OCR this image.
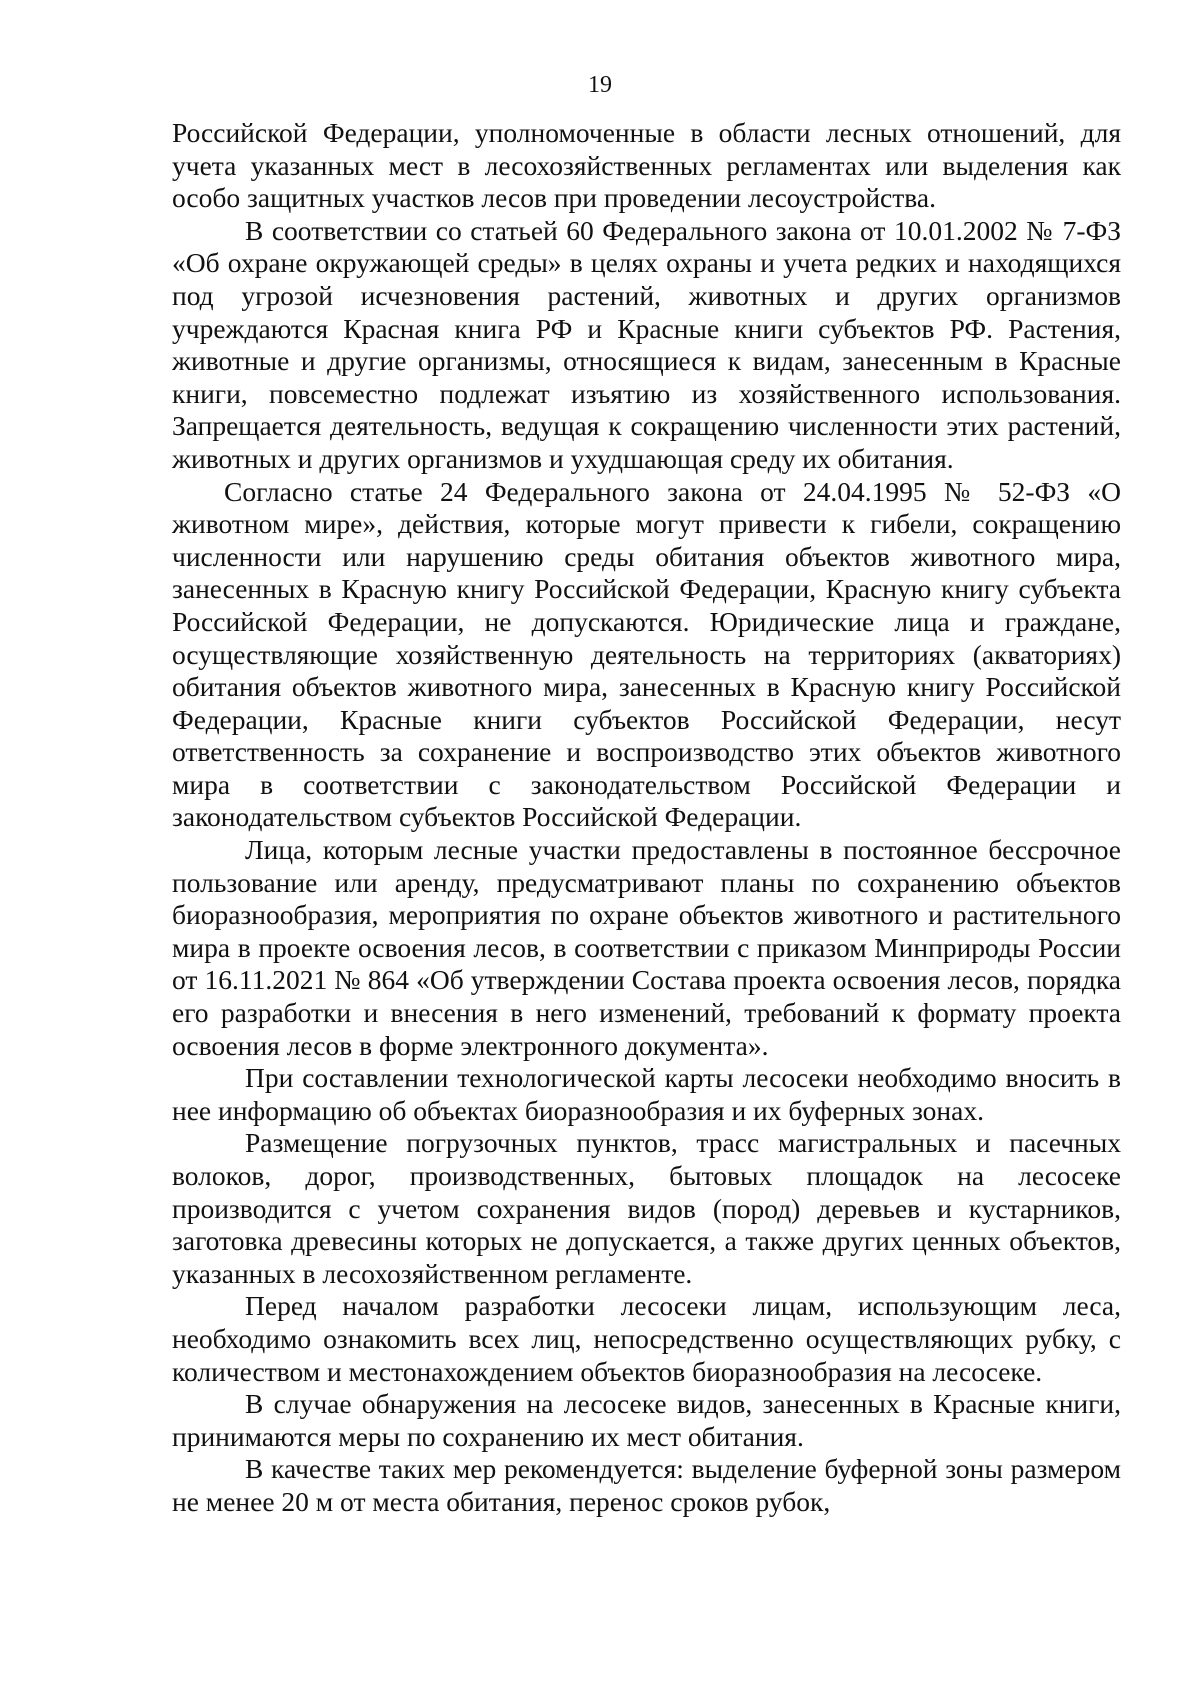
19

Российской Федерации, уполномоченные в области лесных отношений, для учета указанных мест в лесохозяйственных регламентах или выделения как особо защитных участков лесов при проведении лесоустройства.

В соответствии со статьей 60 Федерального закона от 10.01.2002 № 7-ФЗ «Об охране окружающей среды» в целях охраны и учета редких и находящихся под угрозой исчезновения растений, животных и других организмов учреждаются Красная книга РФ и Красные книги субъектов РФ. Растения, животные и другие организмы, относящиеся к видам, занесенным в Красные книги, повсеместно подлежат изъятию из хозяйственного использования. Запрещается деятельность, ведущая к сокращению численности этих растений, животных и других организмов и ухудшающая среду их обитания.

Согласно статье 24 Федерального закона от 24.04.1995 № 52-ФЗ «О животном мире», действия, которые могут привести к гибели, сокращению численности или нарушению среды обитания объектов животного мира, занесенных в Красную книгу Российской Федерации, Красную книгу субъекта Российской Федерации, не допускаются. Юридические лица и граждане, осуществляющие хозяйственную деятельность на территориях (акваториях) обитания объектов животного мира, занесенных в Красную книгу Российской Федерации, Красные книги субъектов Российской Федерации, несут ответственность за сохранение и воспроизводство этих объектов животного мира в соответствии с законодательством Российской Федерации и законодательством субъектов Российской Федерации.

Лица, которым лесные участки предоставлены в постоянное бессрочное пользование или аренду, предусматривают планы по сохранению объектов биоразнообразия, мероприятия по охране объектов животного и растительного мира в проекте освоения лесов, в соответствии с приказом Минприроды России от 16.11.2021 № 864 «Об утверждении Состава проекта освоения лесов, порядка его разработки и внесения в него изменений, требований к формату проекта освоения лесов в форме электронного документа».

При составлении технологической карты лесосеки необходимо вносить в нее информацию об объектах биоразнообразия и их буферных зонах.

Размещение погрузочных пунктов, трасс магистральных и пасечных волоков, дорог, производственных, бытовых площадок на лесосеке производится с учетом сохранения видов (пород) деревьев и кустарников, заготовка древесины которых не допускается, а также других ценных объектов, указанных в лесохозяйственном регламенте.

Перед началом разработки лесосеки лицам, использующим леса, необходимо ознакомить всех лиц, непосредственно осуществляющих рубку, с количеством и местонахождением объектов биоразнообразия на лесосеке.

В случае обнаружения на лесосеке видов, занесенных в Красные книги, принимаются меры по сохранению их мест обитания.

В качестве таких мер рекомендуется: выделение буферной зоны размером не менее 20 м от места обитания, перенос сроков рубок,
